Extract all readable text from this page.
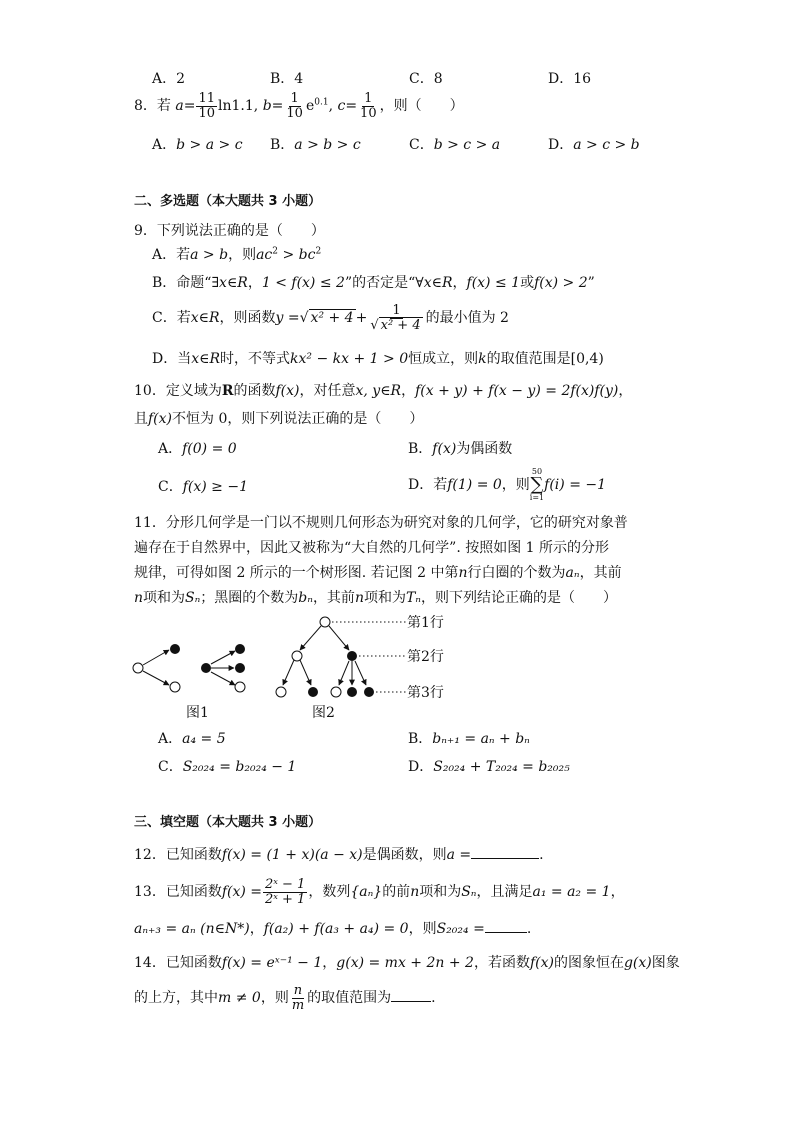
A．2	B．4	C．8	D．16
8．若 $a= \frac{11}{10} \ln 1.1$, $b= \frac{1}{10} e^{0.1}$, $c= \frac{1}{10}$ ，则（　　）
A．b > a > c B．a > b > c	C．b > c > a	D．a > c > b
二、多选题（本大题共 3 小题）
9．下列说法正确的是（　　）
A．若a > b，则$ac^2 > bc^2$
B．命题“∃x∈R，1 < f(x) ≤ 2”的否定是“∀x∈R，f(x) ≤ 1或f(x) > 2”
C．若x∈R，则函数y =√ $x^2 + 4 + \frac{1}{\text{√ x² + 4}}$ 的最小值为 2
D．当x∈R时，不等式kx² − kx + 1 > 0恒成立，则k的取值范围是[0,4)
10．定义域为R的函数f(x)，对任意x, y∈R，f(x + y) + f(x − y) = 2f(x)f(y)，
且f(x)不恒为 0，则下列说法正确的是（　　）
A．f(0) = 0	B．f(x)为偶函数
C．f(x) ≥ −1	D．若f(1) = 0，则
50
∑
i=1
f(i) = −1
11．分形几何学是一门以不规则几何形态为研究对象的几何学，它的研究对象普
遍存在于自然界中，因此又被称为“大自然的几何学”. 按照如图 1 所示的分形
规律，可得如图 2 所示的一个树形图. 若记图 2 中第n行白圈的个数为aₙ，其前
n项和为Sₙ；黑圈的个数为bₙ，其前n项和为Tₙ，则下列结论正确的是（　　）
第1行
第2行
第3行
图1	图2
A．a₄ = 5	B．bₙ₊₁ = aₙ + bₙ
C．S₂₀₂₄ = b₂₀₂₄ − 1	D．S₂₀₂₄ + T₂₀₂₄ = b₂₀₂₅
三、填空题（本大题共 3 小题）
12．已知函数f(x) = (1 + x)(a − x)是偶函数，则a =	.
13．已知函数$f(x) = \frac{\text{2ˣ − 1}}{\text{2ˣ + 1}}$ ，数列{aₙ}的前n项和为Sₙ，且满足a₁ = a₂ = 1，
aₙ₊₃ = aₙ (n∈N*)，f(a₂) + f(a₃ + a₄) = 0，则S₂₀₂₄ =	.
14．已知函数f(x) = eˣ⁻¹ − 1，g(x) = mx + 2n + 2，若函数f(x)的图象恒在g(x)图象
的上方，其中m ≠ 0，则 $\frac{n}{m}$ 的取值范围为	.
